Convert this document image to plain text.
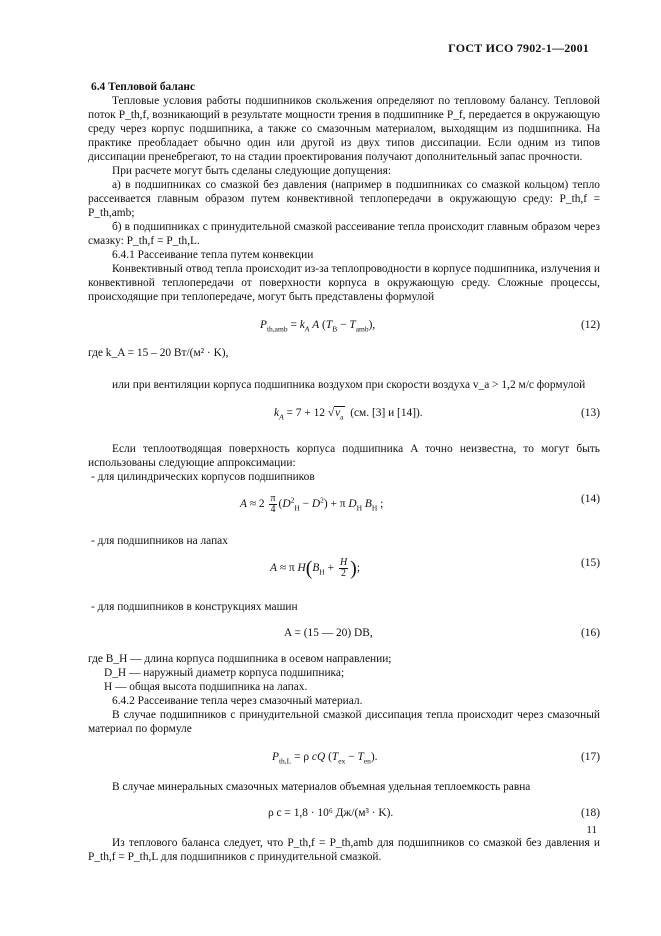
ГОСТ ИСО 7902-1—2001

6.4 Тепловой баланс

Тепловые условия работы подшипников скольжения определяют по тепловому балансу. Тепловой поток P_th,f, возникающий в результате мощности трения в подшипнике P_f, передается в окружающую среду через корпус подшипника, а также со смазочным материалом, выходящим из подшипника. На практике преобладает обычно один или другой из двух типов диссипации. Если одним из типов диссипации пренебрегают, то на стадии проектирования получают дополнительный запас прочности.

При расчете могут быть сделаны следующие допущения:

а) в подшипниках со смазкой без давления (например в подшипниках со смазкой кольцом) тепло рассеивается главным образом путем конвективной теплопередачи в окружающую среду: P_th,f = P_th,amb;

б) в подшипниках с принудительной смазкой рассеивание тепла происходит главным образом через смазку: P_th,f = P_th,L.

6.4.1 Рассеивание тепла путем конвекции

Конвективный отвод тепла происходит из-за теплопроводности в корпусе подшипника, излучения и конвективной теплопередачи от поверхности корпуса в окружающую среду. Сложные процессы, происходящие при теплопередаче, могут быть представлены формулой

$P_{th,amb} = k_A$ A $(T_B - T_{amb})$,	(12)

где k_A = 15 – 20 Вт/(м² · K),

или при вентиляции корпуса подшипника воздухом при скорости воздуха v_a > 1,2 м/с формулой

$k_A = 7 + 12$ $√v_a$ (см. [3] и [14]).	(13)

Если теплоотводящая поверхность корпуса подшипника A точно неизвестна, то могут быть использованы следующие аппроксимации:

- для цилиндрических корпусов подшипников

$A \approx 2 \frac{\pi}{4} (D^2_H - D^2) + \pi$ $D_H$ $B_H$ ;	(14)

- для подшипников на лапах

A ≈ π $H(B_H + \frac{H}{2}$ );	(15)

- для подшипников в конструкциях машин

A = (15 — 20) DB,	(16)

где B_H — длина корпуса подшипника в осевом направлении;

D_H — наружный диаметр корпуса подшипника;

H — общая высота подшипника на лапах.

6.4.2 Рассеивание тепла через смазочный материал.

В случае подшипников с принудительной смазкой диссипация тепла происходит через смазочный материал по формуле

$P_{th,L} = \rho$ cQ $(T_{ex} - T_{en})$.	(17)

В случае минеральных смазочных материалов объемная удельная теплоемкость равна

ρ c = 1,8 · 10⁶ Дж/(м³ · K).	(18)

Из теплового баланса следует, что P_th,f = P_th,amb для подшипников со смазкой без давления и P_th,f = P_th,L для подшипников с принудительной смазкой.

11
